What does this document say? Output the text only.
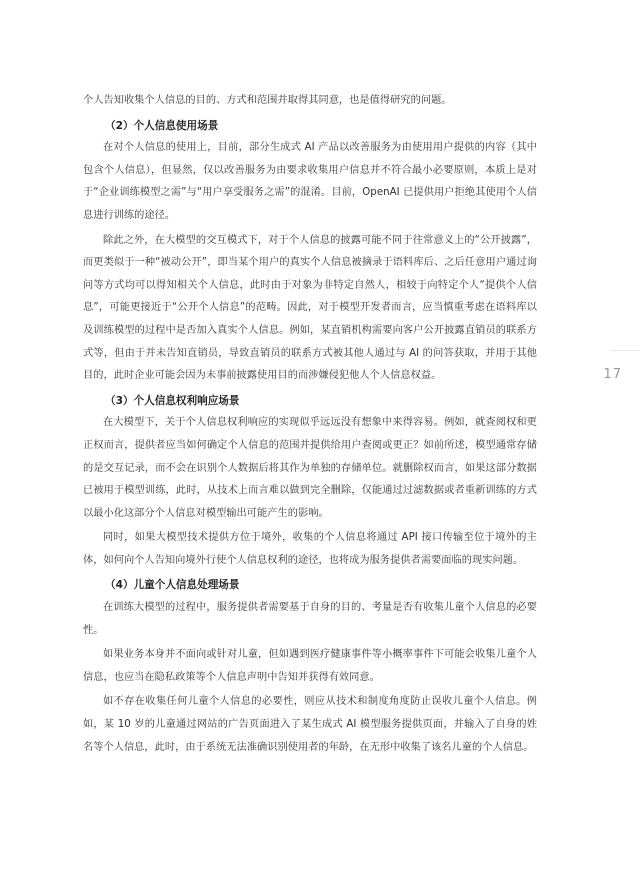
个人告知收集个人信息的目的、方式和范围并取得其同意，也是值得研究的问题。

（2）个人信息使用场景

在对个人信息的使用上，目前，部分生成式 AI 产品以改善服务为由使用用户提供的内容（其中包含个人信息），但显然，仅以改善服务为由要求收集用户信息并不符合最小必要原则，本质上是对于“企业训练模型之需”与“用户享受服务之需”的混淆。目前，OpenAI 已提供用户拒绝其使用个人信息进行训练的途径。

除此之外，在大模型的交互模式下，对于个人信息的披露可能不同于往常意义上的“公开披露”，而更类似于一种“被动公开”，即当某个用户的真实个人信息被摘录于语料库后、之后任意用户通过询问等方式均可以得知相关个人信息，此时由于对象为非特定自然人，相较于向特定个人“提供个人信息”，可能更接近于“公开个人信息”的范畴。因此，对于模型开发者而言，应当慎重考虑在语料库以及训练模型的过程中是否加入真实个人信息。例如，某直销机构需要向客户公开披露直销员的联系方式等，但由于并未告知直销员，导致直销员的联系方式被其他人通过与 AI 的问答获取，并用于其他目的，此时企业可能会因为未事前披露使用目的而涉嫌侵犯他人个人信息权益。

（3）个人信息权利响应场景

在大模型下，关于个人信息权利响应的实现似乎远远没有想象中来得容易。例如，就查阅权和更正权而言，提供者应当如何确定个人信息的范围并提供给用户查阅或更正？如前所述，模型通常存储的是交互记录，而不会在识别个人数据后将其作为单独的存储单位。就删除权而言，如果这部分数据已被用于模型训练，此时，从技术上而言难以做到完全删除，仅能通过过滤数据或者重新训练的方式以最小化这部分个人信息对模型输出可能产生的影响。

同时，如果大模型技术提供方位于境外，收集的个人信息将通过 API 接口传输至位于境外的主体，如何向个人告知向境外行使个人信息权利的途径，也将成为服务提供者需要面临的现实问题。

（4）儿童个人信息处理场景

在训练大模型的过程中，服务提供者需要基于自身的目的、考量是否有收集儿童个人信息的必要性。

如果业务本身并不面向或针对儿童，但如遇到医疗健康事件等小概率事件下可能会收集儿童个人信息，也应当在隐私政策等个人信息声明中告知并获得有效同意。

如不存在收集任何儿童个人信息的必要性，则应从技术和制度角度防止误收儿童个人信息。例如，某 10 岁的儿童通过网站的广告页面进入了某生成式 AI 模型服务提供页面，并输入了自身的姓名等个人信息，此时，由于系统无法准确识别使用者的年龄，在无形中收集了该名儿童的个人信息。

17
